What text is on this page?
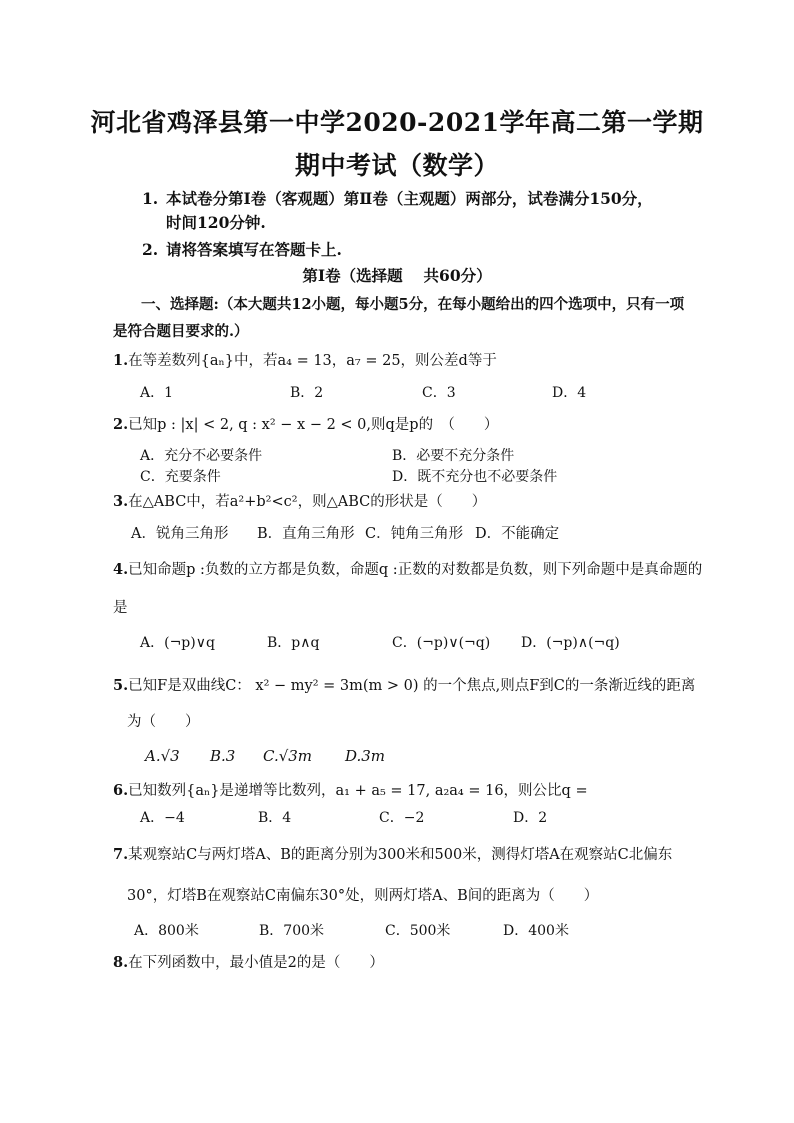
河北省鸡泽县第一中学2020-2021学年高二第一学期
期中考试（数学）
1. 本试卷分第Ⅰ卷（客观题）第Ⅱ卷（主观题）两部分，试卷满分150分，
时间120分钟.
2. 请将答案填写在答题卡上.
第Ⅰ卷（选择题　 共60分）
一、选择题:（本大题共12小题，每小题5分，在每小题给出的四个选项中，只有一项
是符合题目要求的.）
1.在等差数列{aₙ}中，若a₄ = 13，a₇ = 25，则公差d等于
A．1	B．2	C．3	D．4
2.已知p : |x| < 2, q : x² − x − 2 < 0,则q是p的　（　　）
A．充分不必要条件	B．必要不充分条件
C．充要条件	D．既不充分也不必要条件
3.在△ABC中，若a²+b²<c²，则△ABC的形状是（　　）
A．锐角三角形 B．直角三角形 C．钝角三角形 D．不能确定
4.已知命题p :负数的立方都是负数，命题q :正数的对数都是负数，则下列命题中是真命题的
是
A．(¬p)∨q	B．p∧q	C．(¬p)∨(¬q) D．(¬p)∧(¬q)
5.已知F是双曲线C： x² − my² = 3m(m > 0) 的一个焦点,则点F到C的一条渐近线的距离
为（　　）
A.√3 B.3 C.√3m D.3m
6.已知数列{aₙ}是递增等比数列，a₁ + a₅ = 17, a₂a₄ = 16，则公比q =
A．−4	B．4	C．−2	D．2
7.某观察站C与两灯塔A、B的距离分别为300米和500米，测得灯塔A在观察站C北偏东
30°，灯塔B在观察站C南偏东30°处，则两灯塔A、B间的距离为（　　）
A．800米	B．700米	C．500米	D．400米
8.在下列函数中，最小值是2的是（　　）
